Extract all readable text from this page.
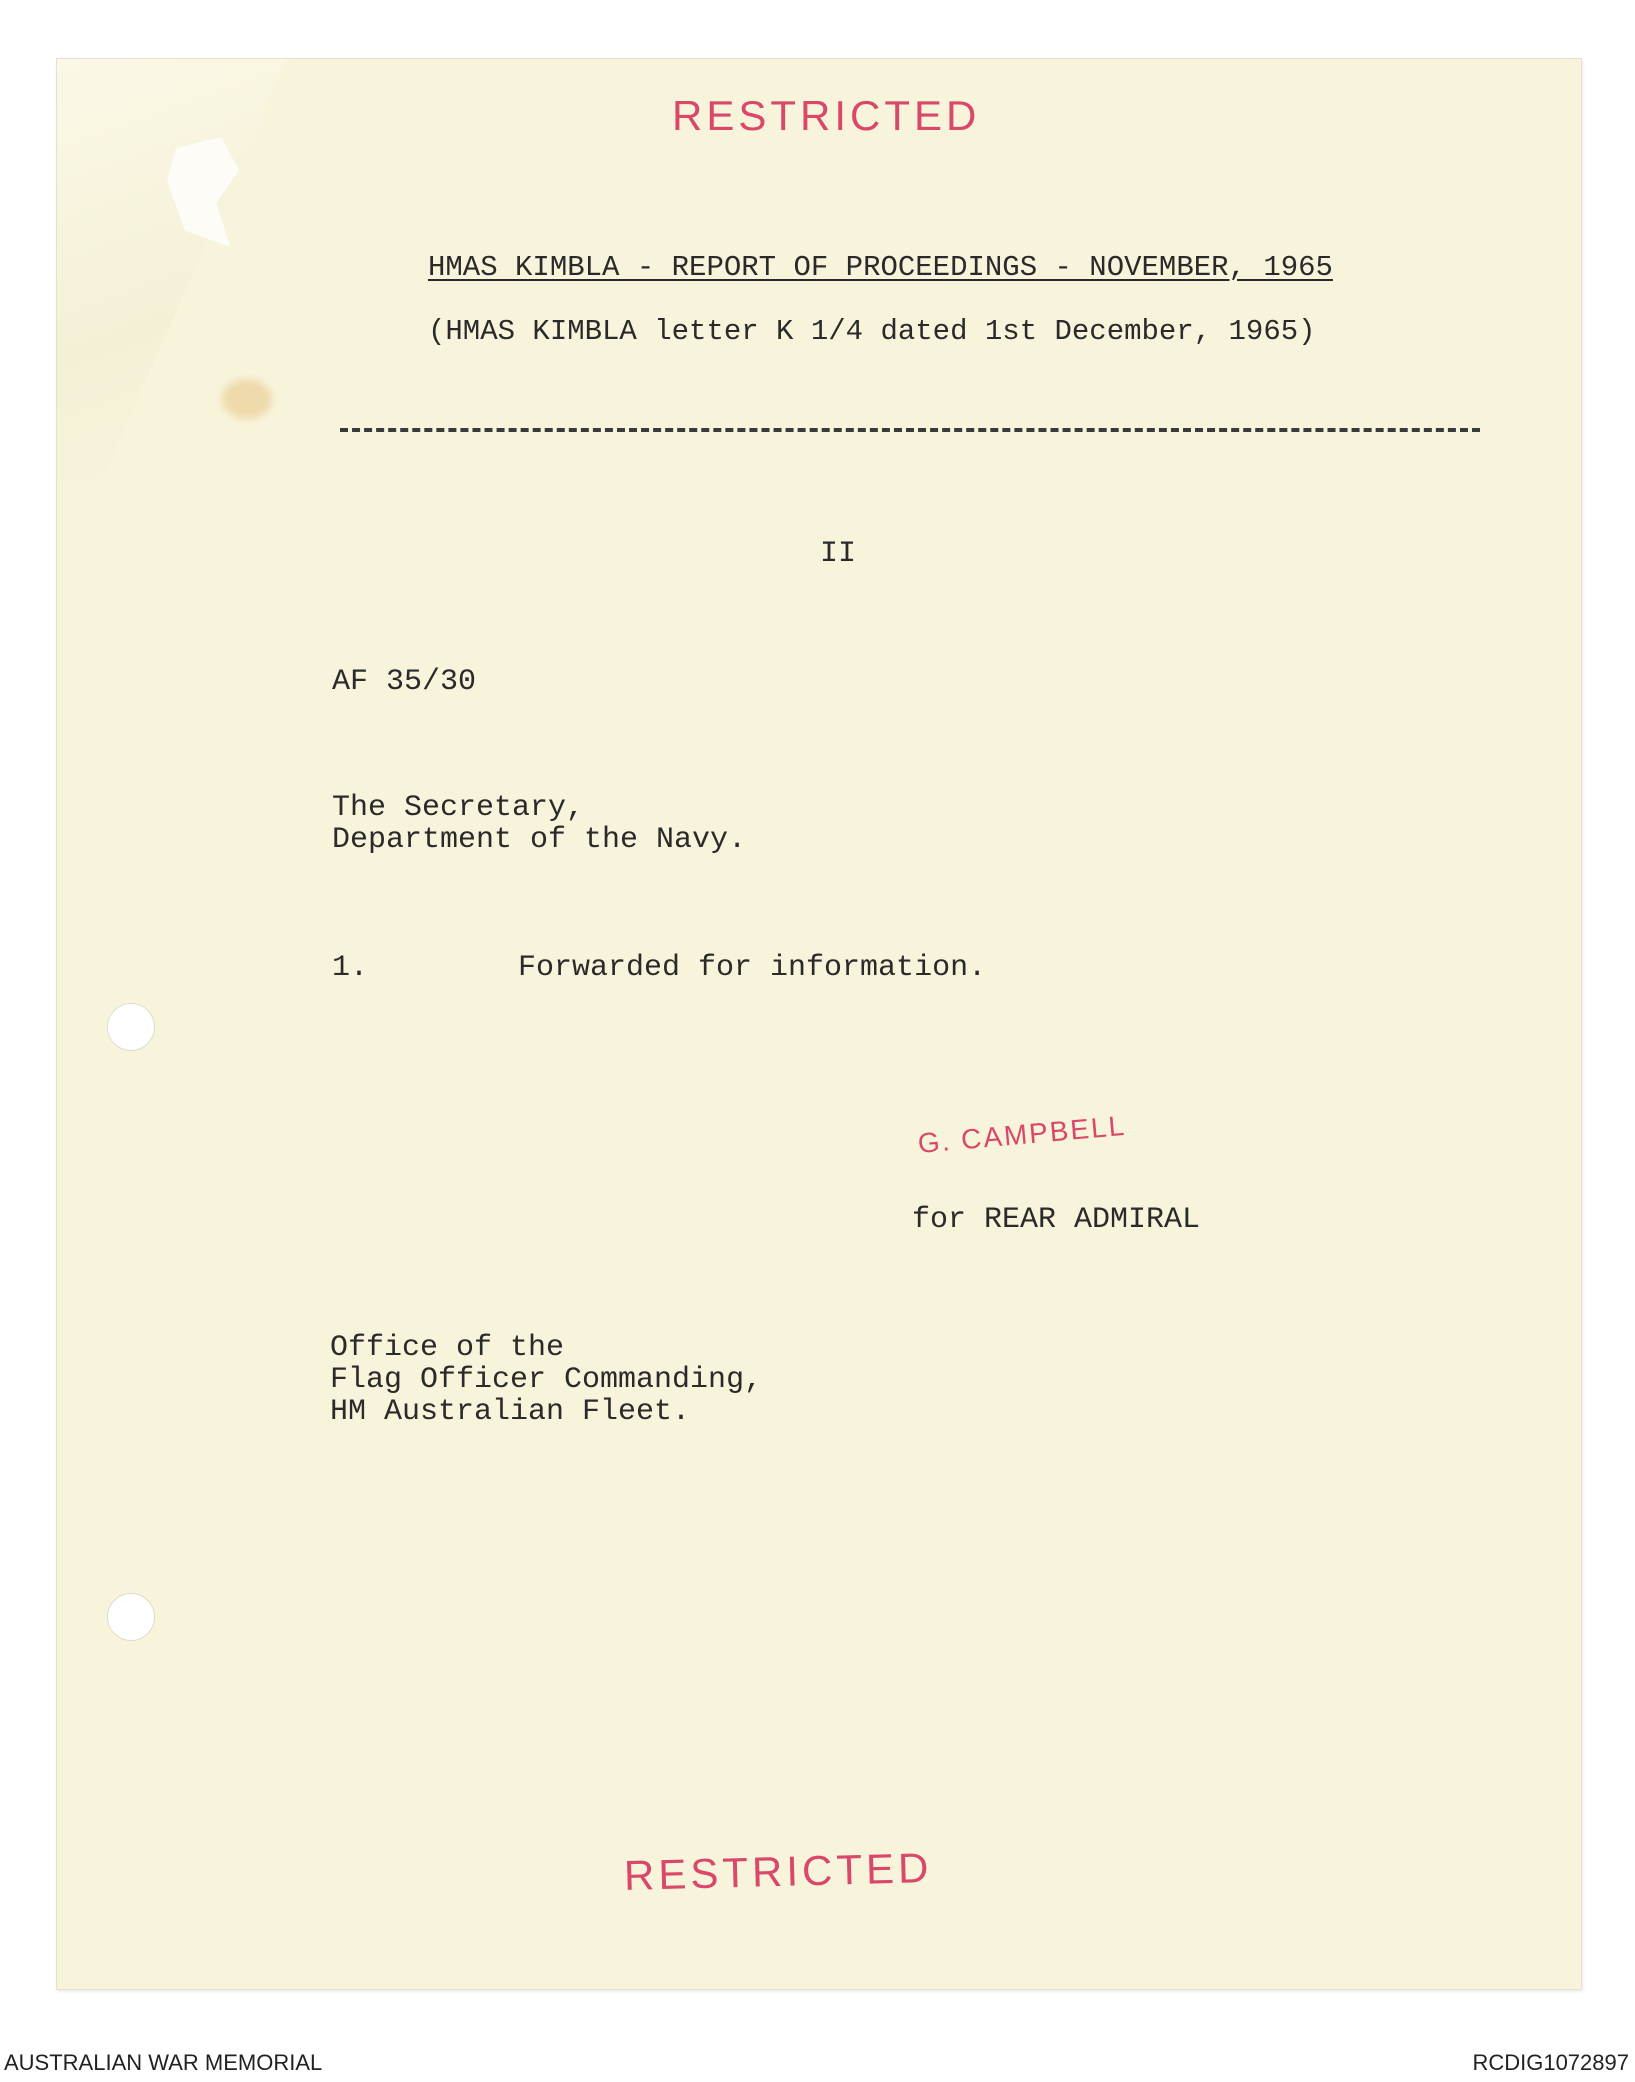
RESTRICTED
HMAS KIMBLA - REPORT OF PROCEEDINGS - NOVEMBER, 1965
(HMAS KIMBLA letter K 1/4 dated 1st December, 1965)
II
AF 35/30
The Secretary,
Department of the Navy.
1.	Forwarded for information.
G. CAMPBELL
for REAR ADMIRAL
Office of the
Flag Officer Commanding,
HM Australian Fleet.
RESTRICTED
AUSTRALIAN WAR MEMORIAL	RCDIG1072897
